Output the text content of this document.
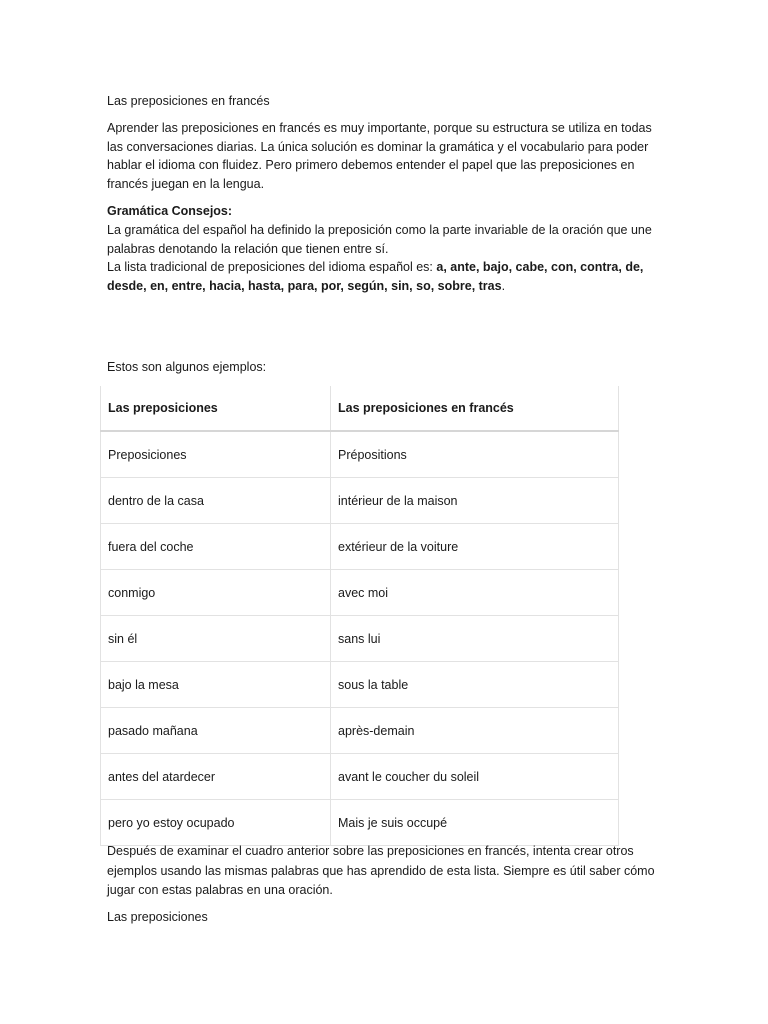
Las preposiciones en francés

Aprender las preposiciones en francés es muy importante, porque su estructura se utiliza en todas las conversaciones diarias. La única solución es dominar la gramática y el vocabulario para poder hablar el idioma con fluidez. Pero primero debemos entender el papel que las preposiciones en francés juegan en la lengua.

Gramática Consejos:
La gramática del español ha definido la preposición como la parte invariable de la oración que une palabras denotando la relación que tienen entre sí.
La lista tradicional de preposiciones del idioma español es: a, ante, bajo, cabe, con, contra, de, desde, en, entre, hacia, hasta, para, por, según, sin, so, sobre, tras.

Estos son algunos ejemplos:

Las preposiciones	Las preposiciones en francés
Preposiciones	Prépositions
dentro de la casa	intérieur de la maison
fuera del coche	extérieur de la voiture
conmigo	avec moi
sin él	sans lui
bajo la mesa	sous la table
pasado mañana	après-demain
antes del atardecer	avant le coucher du soleil
pero yo estoy ocupado	Mais je suis occupé

Después de examinar el cuadro anterior sobre las preposiciones en francés, intenta crear otros ejemplos usando las mismas palabras que has aprendido de esta lista. Siempre es útil saber cómo jugar con estas palabras en una oración.

Las preposiciones
